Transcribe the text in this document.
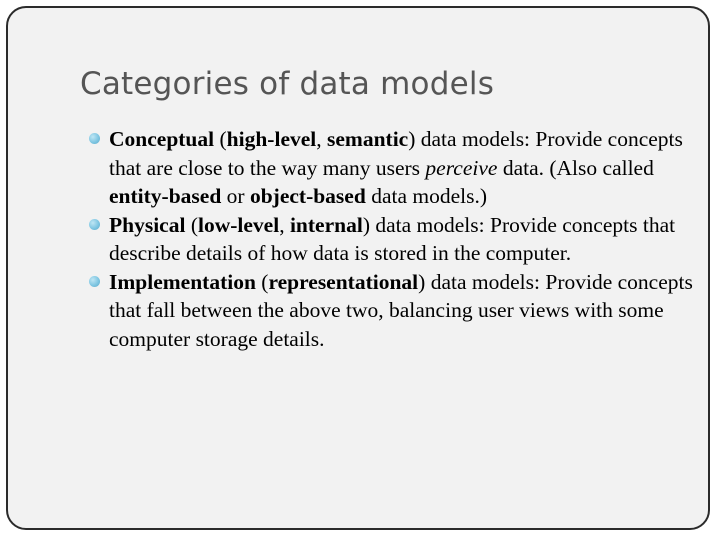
Categories of data models
Conceptual (high-level, semantic) data models: Provide concepts that are close to the way many users perceive data. (Also called entity-based or object-based data models.)
Physical (low-level, internal) data models: Provide concepts that describe details of how data is stored in the computer.
Implementation (representational) data models: Provide concepts that fall between the above two, balancing user views with some computer storage details.
